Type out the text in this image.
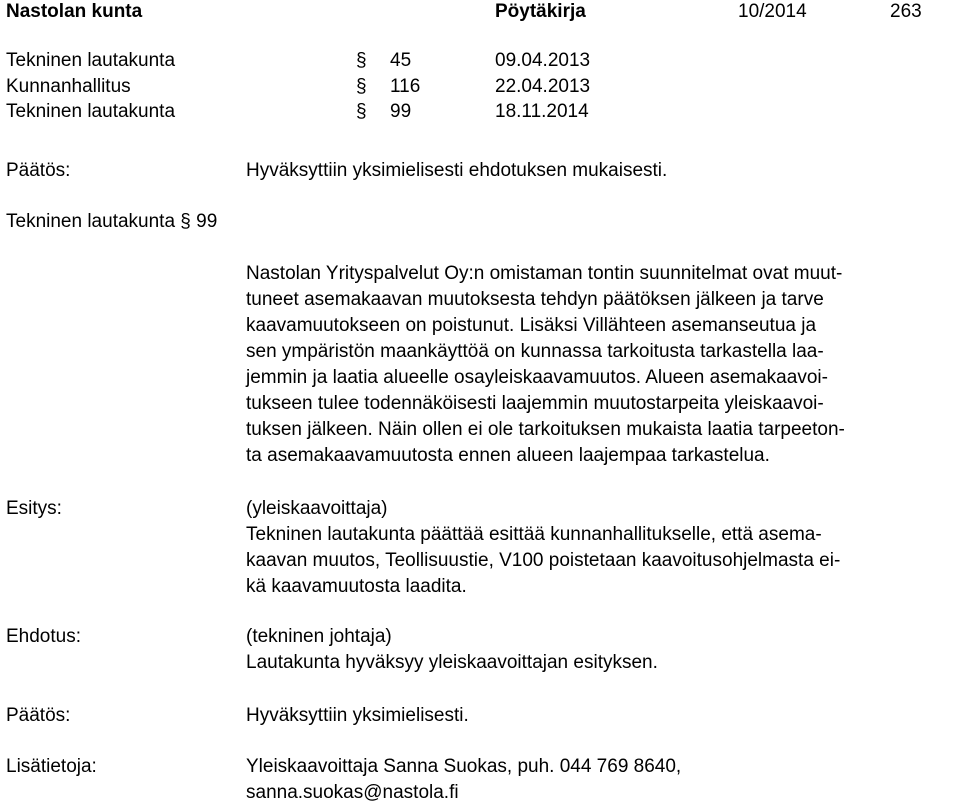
Nastolan kunta	Pöytäkirja	10/2014	263
Tekninen lautakunta	§ 45	09.04.2013
Kunnanhallitus	§ 116	22.04.2013
Tekninen lautakunta	§ 99	18.11.2014
Päätös:	Hyväksyttiin yksimielisesti ehdotuksen mukaisesti.
Tekninen lautakunta § 99
Nastolan Yrityspalvelut Oy:n omistaman tontin suunnitelmat ovat muut-
tuneet asemakaavan muutoksesta tehdyn päätöksen jälkeen ja tarve
kaavamuutokseen on poistunut. Lisäksi Villähteen asemanseutua ja
sen ympäristön maankäyttöä on kunnassa tarkoitusta tarkastella laa-
jemmin ja laatia alueelle osayleiskaavamuutos. Alueen asemakaavoi-
tukseen tulee todennäköisesti laajemmin muutostarpeita yleiskaavoi-
tuksen jälkeen. Näin ollen ei ole tarkoituksen mukaista laatia tarpeeton-
ta asemakaavamuutosta ennen alueen laajempaa tarkastelua.
Esitys:	(yleiskaavoittaja)
Tekninen lautakunta päättää esittää kunnanhallitukselle, että asema-
kaavan muutos, Teollisuustie, V100 poistetaan kaavoitusohjelmasta ei-
kä kaavamuutosta laadita.
Ehdotus:	(tekninen johtaja)
Lautakunta hyväksyy yleiskaavoittajan esityksen.
Päätös:	Hyväksyttiin yksimielisesti.
Lisätietoja:	Yleiskaavoittaja Sanna Suokas, puh. 044 769 8640,
sanna.suokas@nastola.fi
